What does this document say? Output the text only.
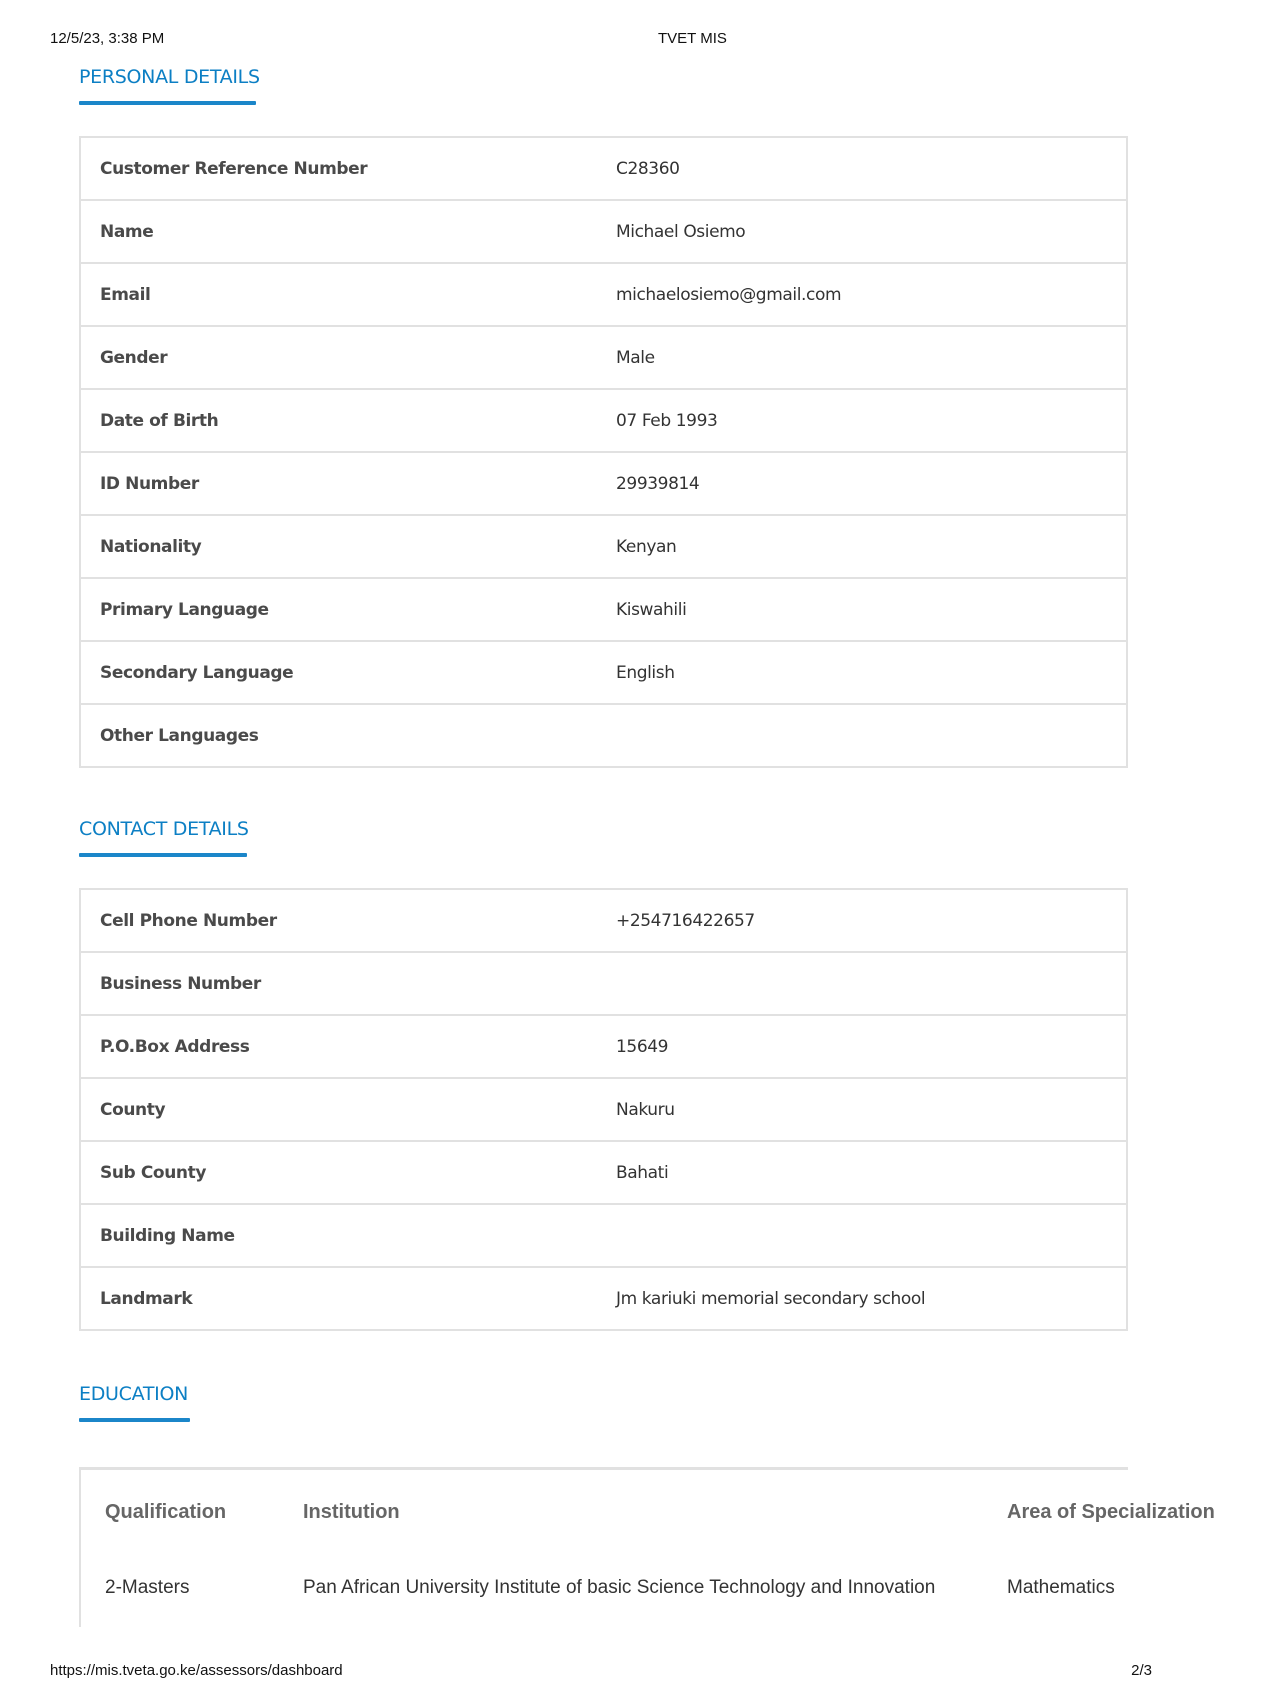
12/5/23, 3:38 PM	TVET MIS
PERSONAL DETAILS
Customer Reference Number	C28360
Name	Michael Osiemo
Email	michaelosiemo@gmail.com
Gender	Male
Date of Birth	07 Feb 1993
ID Number	29939814
Nationality	Kenyan
Primary Language	Kiswahili
Secondary Language	English
Other Languages	
CONTACT DETAILS
Cell Phone Number	+254716422657
Business Number	
P.O.Box Address	15649
County	Nakuru
Sub County	Bahati
Building Name	
Landmark	Jm kariuki memorial secondary school
EDUCATION
Qualification	Institution	Area of Specialization
2-Masters	Pan African University Institute of basic Science Technology and Innovation	Mathematics
https://mis.tveta.go.ke/assessors/dashboard	2/3
